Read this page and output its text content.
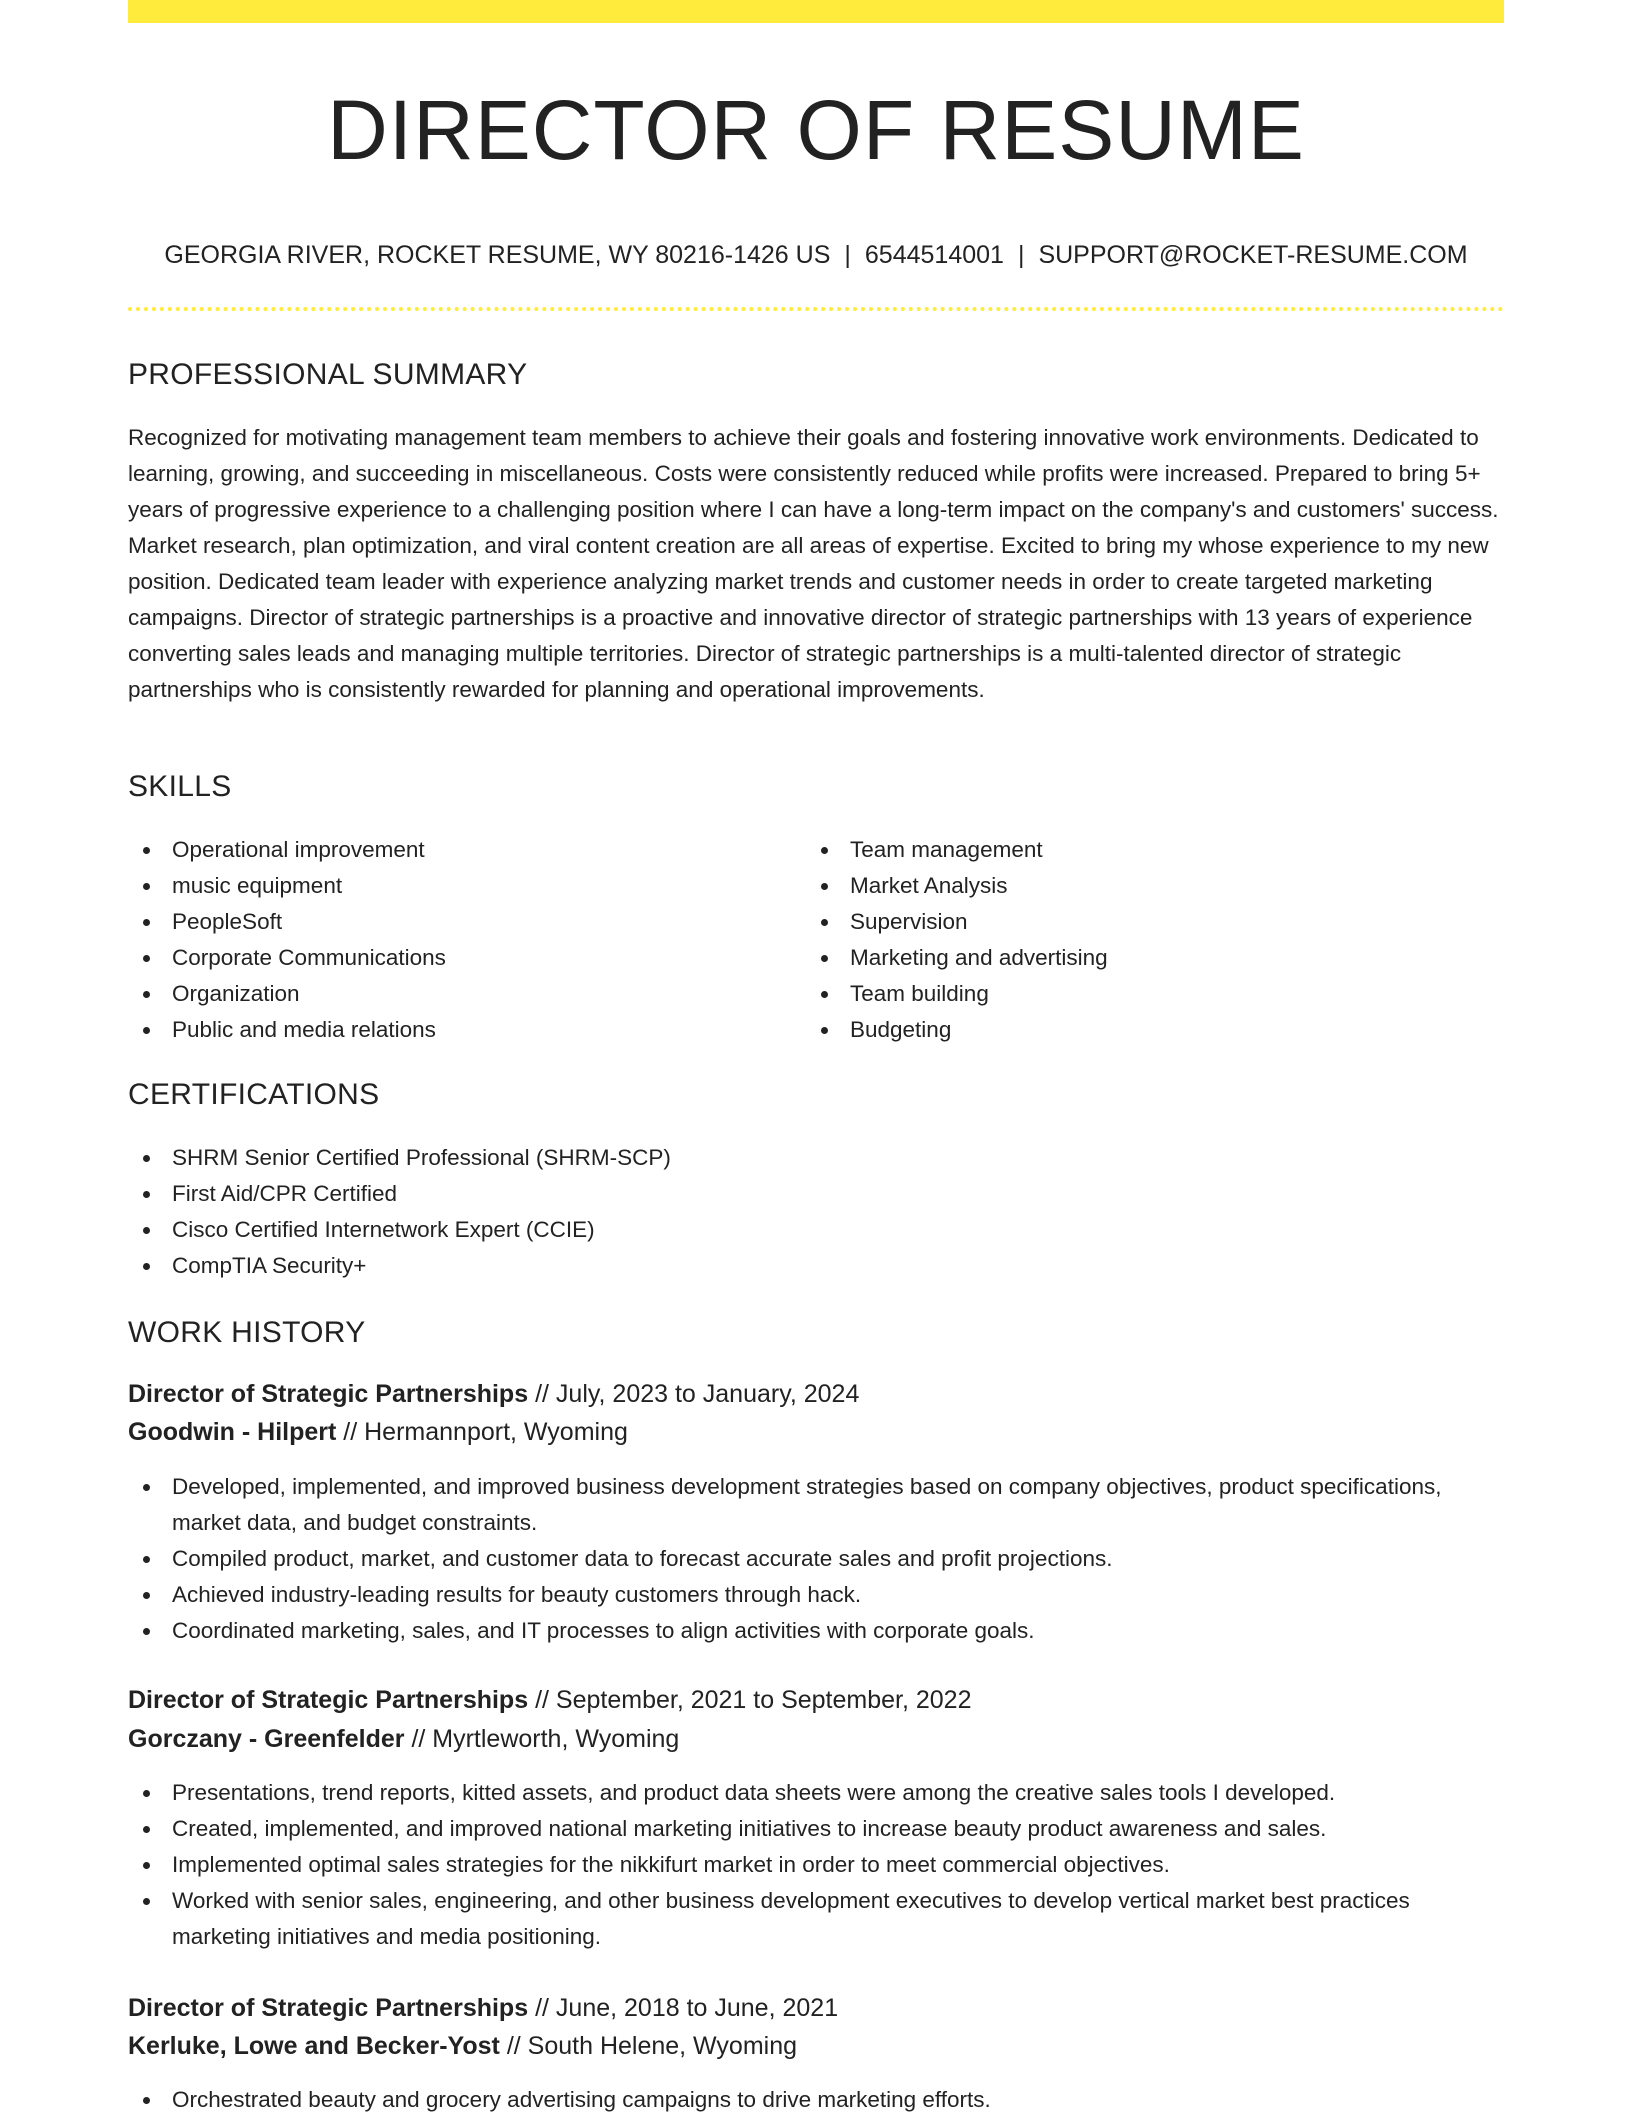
DIRECTOR OF RESUME
GEORGIA RIVER, ROCKET RESUME, WY 80216-1426 US | 6544514001 | SUPPORT@ROCKET-RESUME.COM
PROFESSIONAL SUMMARY

Recognized for motivating management team members to achieve their goals and fostering innovative work environments. Dedicated to learning, growing, and succeeding in miscellaneous. Costs were consistently reduced while profits were increased. Prepared to bring 5+ years of progressive experience to a challenging position where I can have a long-term impact on the company's and customers' success. Market research, plan optimization, and viral content creation are all areas of expertise. Excited to bring my whose experience to my new position. Dedicated team leader with experience analyzing market trends and customer needs in order to create targeted marketing campaigns. Director of strategic partnerships is a proactive and innovative director of strategic partnerships with 13 years of experience converting sales leads and managing multiple territories. Director of strategic partnerships is a multi-talented director of strategic partnerships who is consistently rewarded for planning and operational improvements.

SKILLS
Operational improvement
music equipment
PeopleSoft
Corporate Communications
Organization
Public and media relations
Team management
Market Analysis
Supervision
Marketing and advertising
Team building
Budgeting
CERTIFICATIONS
SHRM Senior Certified Professional (SHRM-SCP)
First Aid/CPR Certified
Cisco Certified Internetwork Expert (CCIE)
CompTIA Security+
WORK HISTORY
Director of Strategic Partnerships // July, 2023 to January, 2024
Goodwin - Hilpert // Hermannport, Wyoming
Developed, implemented, and improved business development strategies based on company objectives, product specifications, market data, and budget constraints.
Compiled product, market, and customer data to forecast accurate sales and profit projections.
Achieved industry-leading results for beauty customers through hack.
Coordinated marketing, sales, and IT processes to align activities with corporate goals.
Director of Strategic Partnerships // September, 2021 to September, 2022
Gorczany - Greenfelder // Myrtleworth, Wyoming
Presentations, trend reports, kitted assets, and product data sheets were among the creative sales tools I developed.
Created, implemented, and improved national marketing initiatives to increase beauty product awareness and sales.
Implemented optimal sales strategies for the nikkifurt market in order to meet commercial objectives.
Worked with senior sales, engineering, and other business development executives to develop vertical market best practices marketing initiatives and media positioning.
Director of Strategic Partnerships // June, 2018 to June, 2021
Kerluke, Lowe and Becker-Yost // South Helene, Wyoming
Orchestrated beauty and grocery advertising campaigns to drive marketing efforts.
